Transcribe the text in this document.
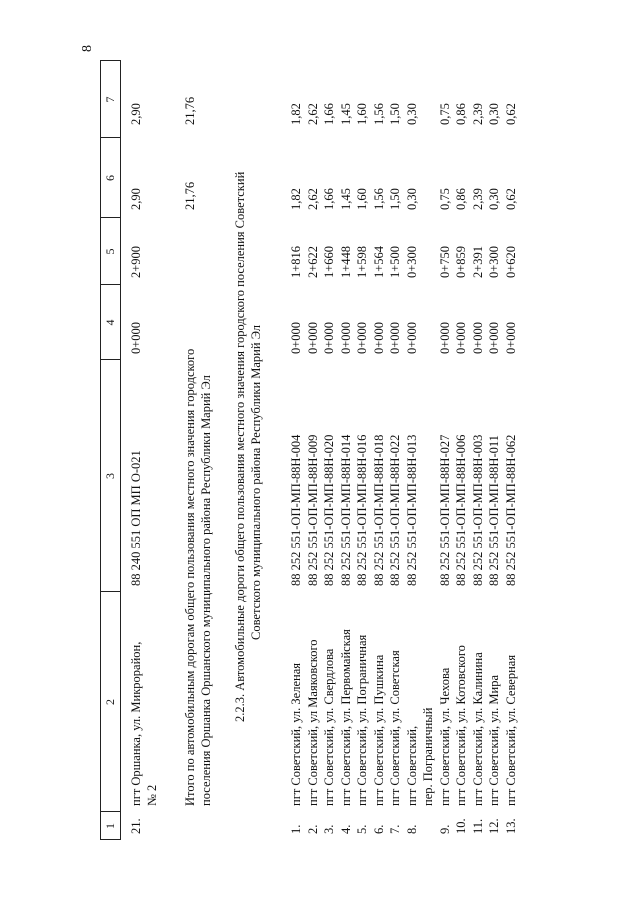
8
1
2
3
4
5
6
7
21.
пгт Оршанка, ул. Микрорайон,
88 240 551 ОП МП О-021
0+000
2+900
2,90
2,90
№ 2 Итого по автомобильным дорогам общего пользования местного значения городского поселения Оршанка Оршанского муниципального района Республики Марий Эл
21,76
21,76
2.2.3. Автомобильные дороги общего пользования местного значения городского поселения Советский Советского муниципального района Республики Марий Эл
1.
пгт Советский, ул. Зеленая
88 252 551-ОП-МП-88Н-004
0+000
1+816
1,82
1,82
2.
пгт Советский, ул Маяковского
88 252 551-ОП-МП-88Н-009
0+000
2+622
2,62
2,62
3.
пгт Советский, ул. Свердлова
88 252 551-ОП-МП-88Н-020
0+000
1+660
1,66
1,66
4.
пгт Советский, ул. Первомайская
88 252 551-ОП-МП-88Н-014
0+000
1+448
1,45
1,45
5.
пгт Советский, ул. Пограничная
88 252 551-ОП-МП-88Н-016
0+000
1+598
1,60
1,60
6.
пгт Советский, ул. Пушкина
88 252 551-ОП-МП-88Н-018
0+000
1+564
1,56
1,56
7.
пгт Советский, ул. Советская
88 252 551-ОП-МП-88Н-022
0+000
1+500
1,50
1,50
8.
пгт Советский,
88 252 551-ОП-МП-88Н-013
0+000
0+300
0,30
0,30
пер. Пограничный
9.
пгт Советский, ул. Чехова
88 252 551-ОП-МП-88Н-027
0+000
0+750
0,75
0,75
10.
пгт Советский, ул. Котовского
88 252 551-ОП-МП-88Н-006
0+000
0+859
0,86
0,86
11.
пгт Советский, ул. Калинина
88 252 551-ОП-МП-88Н-003
0+000
2+391
2,39
2,39
12.
пгт Советский, ул. Мира
88 252 551-ОП-МП-88Н-011
0+000
0+300
0,30
0,30
13.
пгт Советский, ул. Северная
88 252 551-ОП-МП-88Н-062
0+000
0+620
0,62
0,62
